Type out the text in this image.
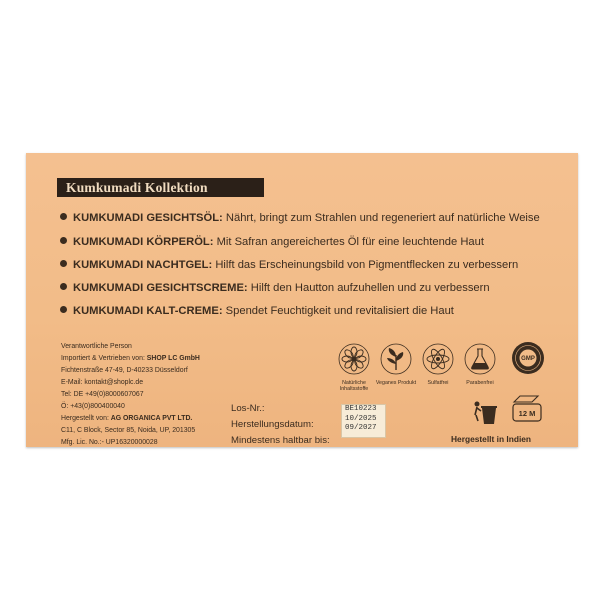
Kumkumadi Kollektion
KUMKUMADI GESICHTSÖL: Nährt, bringt zum Strahlen und regeneriert auf natürliche Weise
KUMKUMADI KÖRPERÖL: Mit Safran angereichertes Öl für eine leuchtende Haut
KUMKUMADI NACHTGEL: Hilft das Erscheinungsbild von Pigmentflecken zu verbessern
KUMKUMADI GESICHTSCREME: Hilft den Hautton aufzuhellen und zu verbessern
KUMKUMADI KALT-CREME: Spendet Feuchtigkeit und revitalisiert die Haut
Verantwortliche Person
Importiert & Vertrieben von: SHOP LC GmbH
Fichtenstraße 47-49, D-40233 Düsseldorf
E-Mail: kontakt@shoplc.de
Tel: DE +49(0)8000607067
Ö: +43(0)800400040
Hergestellt von: AG ORGANICA PVT LTD.
C11, C Block, Sector 85, Noida, UP, 201305
Mfg. Lic. No.:- UP16320000028
Los-Nr.:
Herstellungsdatum:
Mindestens haltbar bis:
BE10223
10/2025
09/2027
GMP
Natürliche
Inhaltsstoffe
Veganes Produkt	Sulfatfrei	Parabenfrei
12 M
Hergestellt in Indien
